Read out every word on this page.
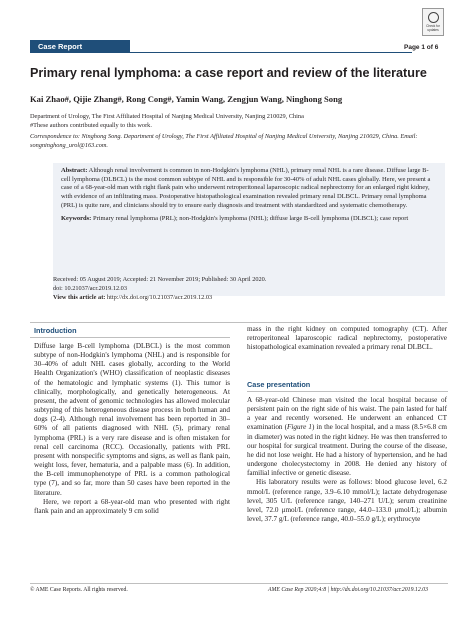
Check for
updates
Case Report	Page 1 of 6
Primary renal lymphoma: a case report and review of the literature
Kai Zhao#, Qijie Zhang#, Rong Cong#, Yamin Wang, Zengjun Wang, Ninghong Song
Department of Urology, The First Affiliated Hospital of Nanjing Medical University, Nanjing 210029, China
#These authors contributed equally to this work.
Correspondence to: Ninghong Song. Department of Urology, The First Affiliated Hospital of Nanjing Medical University, Nanjing 210029, China. Email: songninghong_urol@163.com.
Abstract: Although renal involvement is common in non-Hodgkin's lymphoma (NHL), primary renal NHL is a rare disease. Diffuse large B-cell lymphoma (DLBCL) is the most common subtype of NHL and is responsible for 30-40% of adult NHL cases globally. Here, we present a case of a 68-year-old man with right flank pain who underwent retroperitoneal laparoscopic radical nephrectomy for an enlarged right kidney, with evidence of an infiltrating mass. Postoperative histopathological examination revealed primary renal DLBCL. Primary renal lymphoma (PRL) is quite rare, and clinicians should try to ensure early diagnosis and treatment with standardized and systematic chemotherapy.
Keywords: Primary renal lymphoma (PRL); non-Hodgkin's lymphoma (NHL); diffuse large B-cell lymphoma (DLBCL); case report
Received: 05 August 2019; Accepted: 21 November 2019; Published: 30 April 2020.
doi: 10.21037/acr.2019.12.03
View this article at: http://dx.doi.org/10.21037/acr.2019.12.03
Introduction

Diffuse large B-cell lymphoma (DLBCL) is the most common subtype of non-Hodgkin's lymphoma (NHL) and is responsible for 30–40% of adult NHL cases globally, according to the World Health Organization's (WHO) classification of neoplastic diseases of the hematologic and lymphatic systems (1). This tumor is clinically, morphologically, and genetically heterogeneous. At present, the advent of genomic technologies has allowed molecular subtyping of this heterogeneous disease process in both human and dogs (2-4). Although renal involvement has been reported in 30–60% of all patients diagnosed with NHL (5), primary renal lymphoma (PRL) is a very rare disease and is often mistaken for renal cell carcinoma (RCC). Occasionally, patients with PRL present with nonspecific symptoms and signs, as well as flank pain, weight loss, fever, hematuria, and a palpable mass (6). In addition, the B-cell immunophenotype of PRL is a common pathological type (7), and so far, more than 50 cases have been reported in the literature.

Here, we report a 68-year-old man who presented with right flank pain and an approximately 9 cm solid

mass in the right kidney on computed tomography (CT). After retroperitoneal laparoscopic radical nephrectomy, postoperative histopathological examination revealed a primary renal DLBCL.
Case presentation

A 68-year-old Chinese man visited the local hospital because of persistent pain on the right side of his waist. The pain lasted for half a year and recently worsened. He underwent an enhanced CT examination (Figure 1) in the local hospital, and a mass (8.5×6.8 cm in diameter) was noted in the right kidney. He was then transferred to our hospital for surgical treatment. During the course of the disease, he did not lose weight. He had a history of hypertension, and he had undergone cholecystectomy in 2008. He denied any history of familial infective or genetic disease.

His laboratory results were as follows: blood glucose level, 6.2 mmol/L (reference range, 3.9–6.10 mmol/L); lactate dehydrogenase level, 305 U/L (reference range, 140–271 U/L); serum creatinine level, 72.0 μmol/L (reference range, 44.0–133.0 μmol/L); albumin level, 37.7 g/L (reference range, 40.0–55.0 g/L); erythrocyte

© AME Case Reports. All rights reserved.	AME Case Rep 2020;4:8 | http://dx.doi.org/10.21037/acr.2019.12.03
